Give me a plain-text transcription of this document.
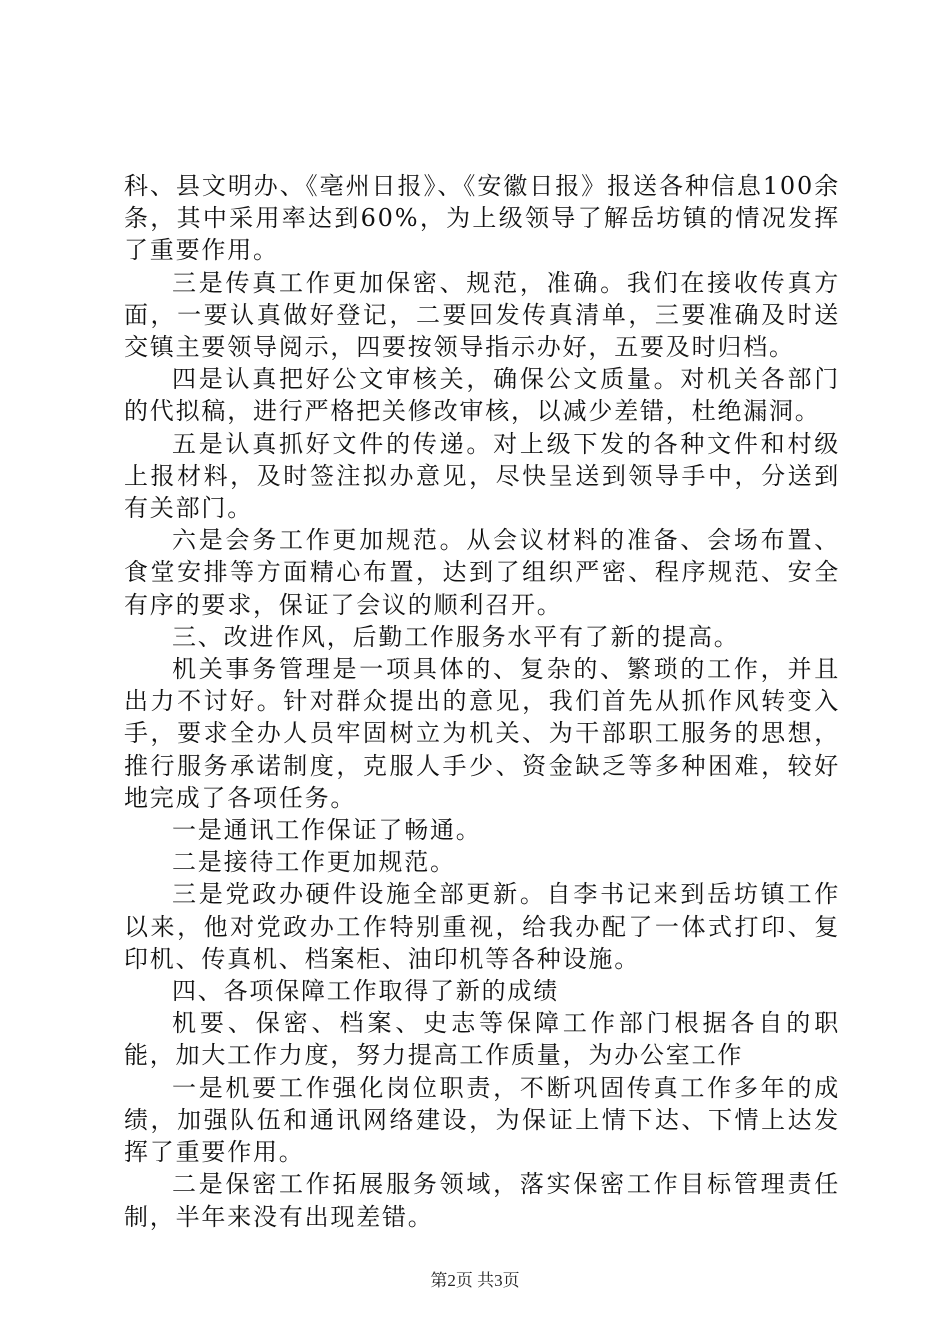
科、县文明办、《亳州日报》、《安徽日报》报送各种信息100余条，其中采用率达到60%，为上级领导了解岳坊镇的情况发挥了重要作用。

三是传真工作更加保密、规范，准确。我们在接收传真方面，一要认真做好登记，二要回发传真清单，三要准确及时送交镇主要领导阅示，四要按领导指示办好，五要及时归档。

四是认真把好公文审核关，确保公文质量。对机关各部门的代拟稿，进行严格把关修改审核，以减少差错，杜绝漏洞。

五是认真抓好文件的传递。对上级下发的各种文件和村级上报材料，及时签注拟办意见，尽快呈送到领导手中，分送到有关部门。

六是会务工作更加规范。从会议材料的准备、会场布置、食堂安排等方面精心布置，达到了组织严密、程序规范、安全有序的要求，保证了会议的顺利召开。

三、改进作风，后勤工作服务水平有了新的提高。

机关事务管理是一项具体的、复杂的、繁琐的工作，并且出力不讨好。针对群众提出的意见，我们首先从抓作风转变入手，要求全办人员牢固树立为机关、为干部职工服务的思想，推行服务承诺制度，克服人手少、资金缺乏等多种困难，较好地完成了各项任务。

一是通讯工作保证了畅通。

二是接待工作更加规范。

三是党政办硬件设施全部更新。自李书记来到岳坊镇工作以来，他对党政办工作特别重视，给我办配了一体式打印、复印机、传真机、档案柜、油印机等各种设施。

四、各项保障工作取得了新的成绩

机要、保密、档案、史志等保障工作部门根据各自的职能，加大工作力度，努力提高工作质量，为办公室工作

一是机要工作强化岗位职责，不断巩固传真工作多年的成绩，加强队伍和通讯网络建设，为保证上情下达、下情上达发挥了重要作用。

二是保密工作拓展服务领域，落实保密工作目标管理责任制，半年来没有出现差错。

第2页 共3页
